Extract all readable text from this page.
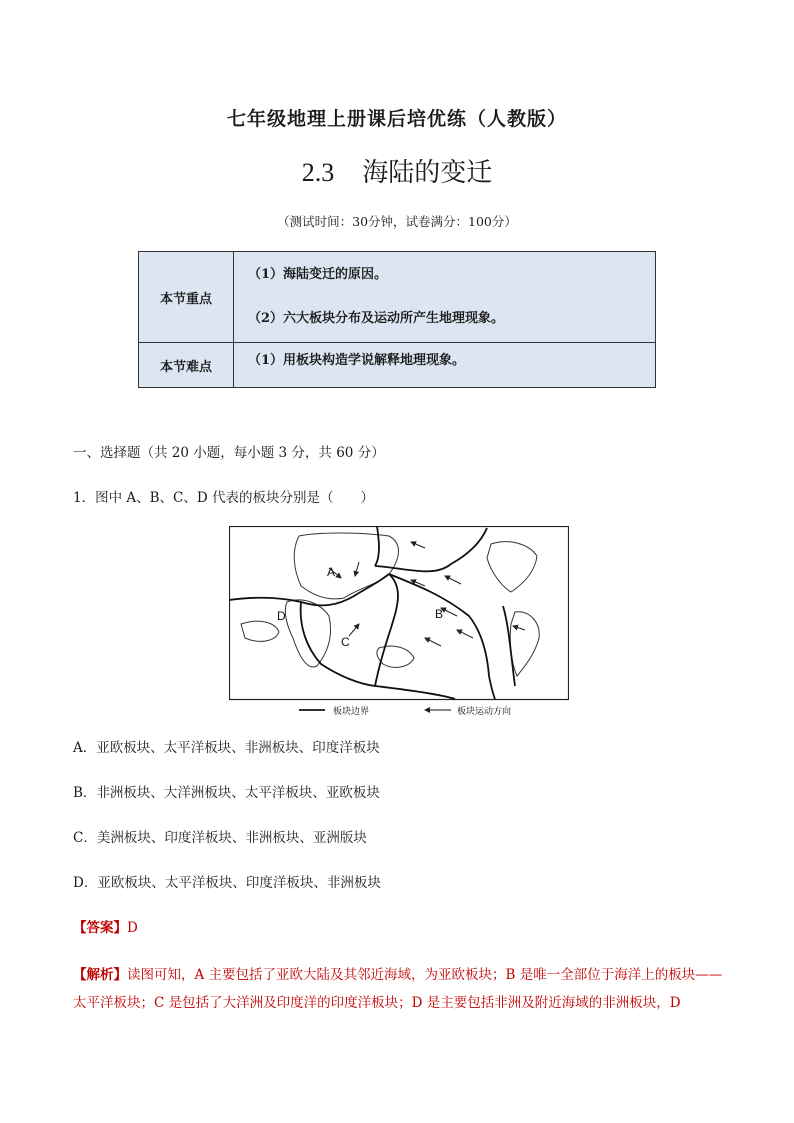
七年级地理上册课后培优练（人教版）
2.3 海陆的变迁
（测试时间：30分钟，试卷满分：100分）
本节重点	（1）海陆变迁的原因。
（2）六大板块分布及运动所产生地理现象。

本节难点	（1）用板块构造学说解释地理现象。
一、选择题（共 20 小题，每小题 3 分，共 60 分）
1．图中 A、B、C、D 代表的板块分别是（　　）
A
B
C
D
板块边界	板块运动方向
A．亚欧板块、太平洋板块、非洲板块、印度洋板块
B．非洲板块、大洋洲板块、太平洋板块、亚欧板块
C．美洲板块、印度洋板块、非洲板块、亚洲版块
D．亚欧板块、太平洋板块、印度洋板块、非洲板块
【答案】D
【解析】读图可知，A 主要包括了亚欧大陆及其邻近海域，为亚欧板块；B 是唯一全部位于海洋上的板块——太平洋板块；C 是包括了大洋洲及印度洋的印度洋板块；D 是主要包括非洲及附近海域的非洲板块，D
